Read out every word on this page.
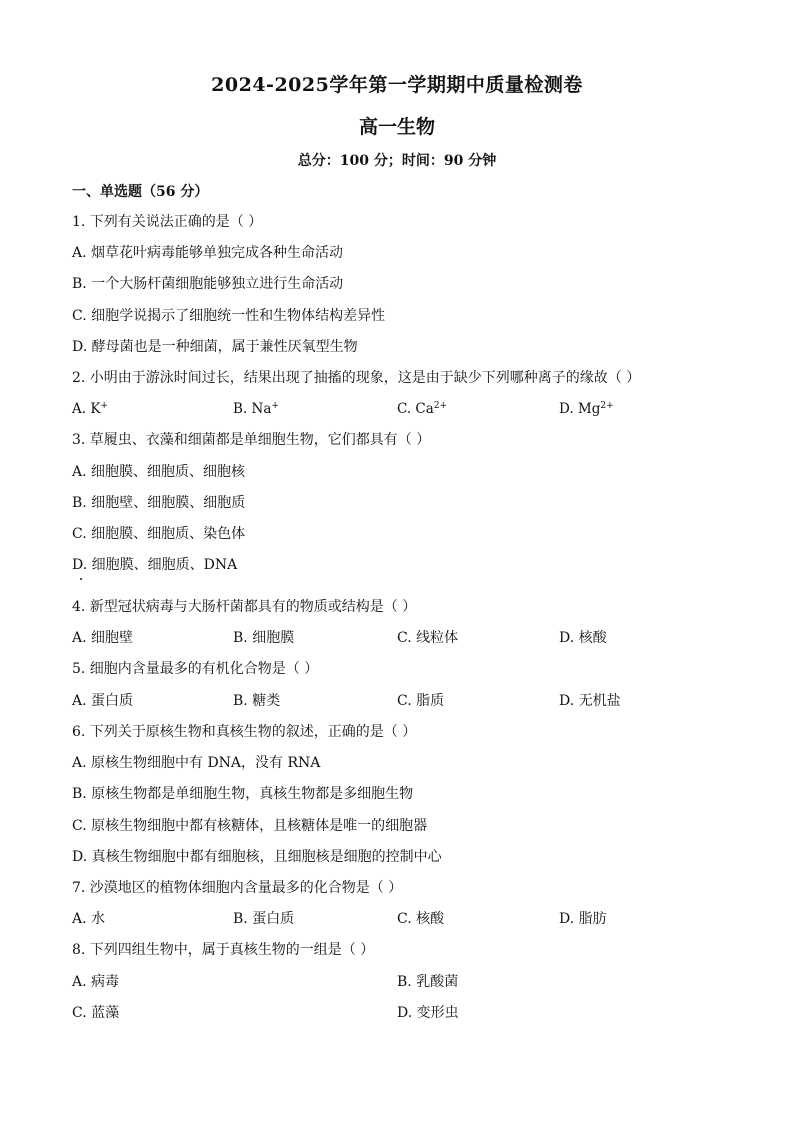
2024-2025学年第一学期期中质量检测卷
高一生物
总分：100 分；时间：90 分钟
一、单选题（56 分）
1. 下列有关说法正确的是（ ）
A. 烟草花叶病毒能够单独完成各种生命活动
B. 一个大肠杆菌细胞能够独立进行生命活动
C. 细胞学说揭示了细胞统一性和生物体结构差异性
D. 酵母菌也是一种细菌，属于兼性厌氧型生物
2. 小明由于游泳时间过长，结果出现了抽搐的现象，这是由于缺少下列哪种离子的缘故（ ）
A. K+	B. Na+	C. $Ca^{2+}$	D. $Mg^{2+}$
3. 草履虫、衣藻和细菌都是单细胞生物，它们都具有（ ）
A. 细胞膜、细胞质、细胞核
B. 细胞壁、细胞膜、细胞质
C. 细胞膜、细胞质、染色体
D. 细胞膜、细胞质、DNA
4. 新型冠状病毒与大肠杆菌都具有的物质或结构是（ ）
A. 细胞壁	B. 细胞膜	C. 线粒体	D. 核酸
5. 细胞内含量最多的有机化合物是（ ）
A. 蛋白质	B. 糖类	C. 脂质	D. 无机盐
6. 下列关于原核生物和真核生物的叙述，正确的是（ ）
A. 原核生物细胞中有 DNA，没有 RNA
B. 原核生物都是单细胞生物，真核生物都是多细胞生物
C. 原核生物细胞中都有核糖体，且核糖体是唯一的细胞器
D. 真核生物细胞中都有细胞核，且细胞核是细胞的控制中心
7. 沙漠地区的植物体细胞内含量最多的化合物是（ ）
A. 水	B. 蛋白质	C. 核酸	D. 脂肪
8. 下列四组生物中，属于真核生物的一组是（ ）
A. 病毒	B. 乳酸菌
C. 蓝藻	D. 变形虫
